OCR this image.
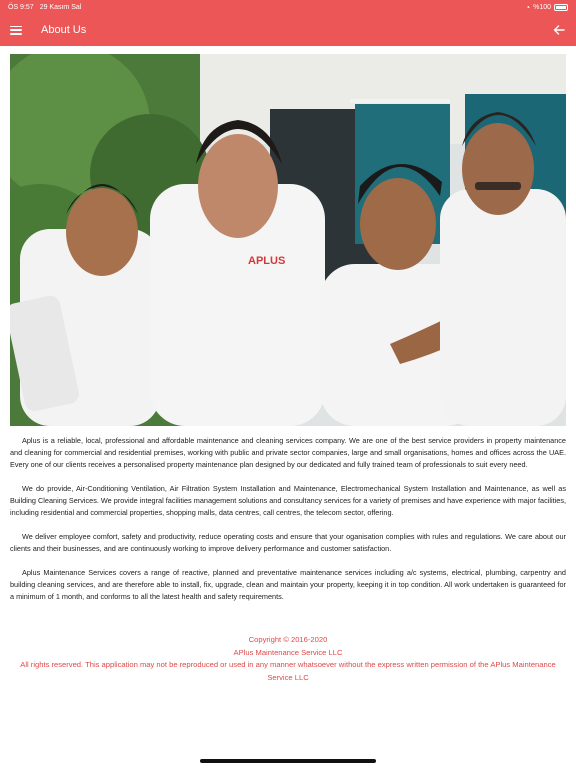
ÖS 9:57 29 Kasım Sal	◔ %100
About Us
APLUS

Aplus is a reliable, local, professional and affordable maintenance and cleaning services company. We are one of the best service providers in property maintenance and cleaning for commercial and residential premises, working with public and private sector companies, large and small organisations, homes and offices across the UAE. Every one of our clients receives a personalised property maintenance plan designed by our dedicated and fully trained team of professionals to suit every need.

We do provide, Air-Conditioning Ventilation, Air Filtration System Installation and Maintenance, Electromechanical System Installation and Maintenance, as well as Building Cleaning Services. We provide integral facilities management solutions and consultancy services for a variety of premises and have experience with major facilities, including residential and commercial properties, shopping malls, data centres, call centres, the telecom sector, offering.

We deliver employee comfort, safety and productivity, reduce operating costs and ensure that your oganisation complies with rules and regulations. We care about our clients and their businesses, and are continuously working to improve delivery performance and customer satisfaction.

Aplus Maintenance Services covers a range of reactive, planned and preventative maintenance services including a/c systems, electrical, plumbing, carpentry and building cleaning services, and are therefore able to install, fix, upgrade, clean and maintain your property, keeping it in top condition. All work undertaken is guaranteed for a minimum of 1 month, and conforms to all the latest health and safety requirements.

Copyright © 2016-2020
APlus Maintenance Service LLC
All rights reserved. This application may not be reproduced or used in any manner whatsoever without the express written permission of the APlus Maintenance Service LLC
